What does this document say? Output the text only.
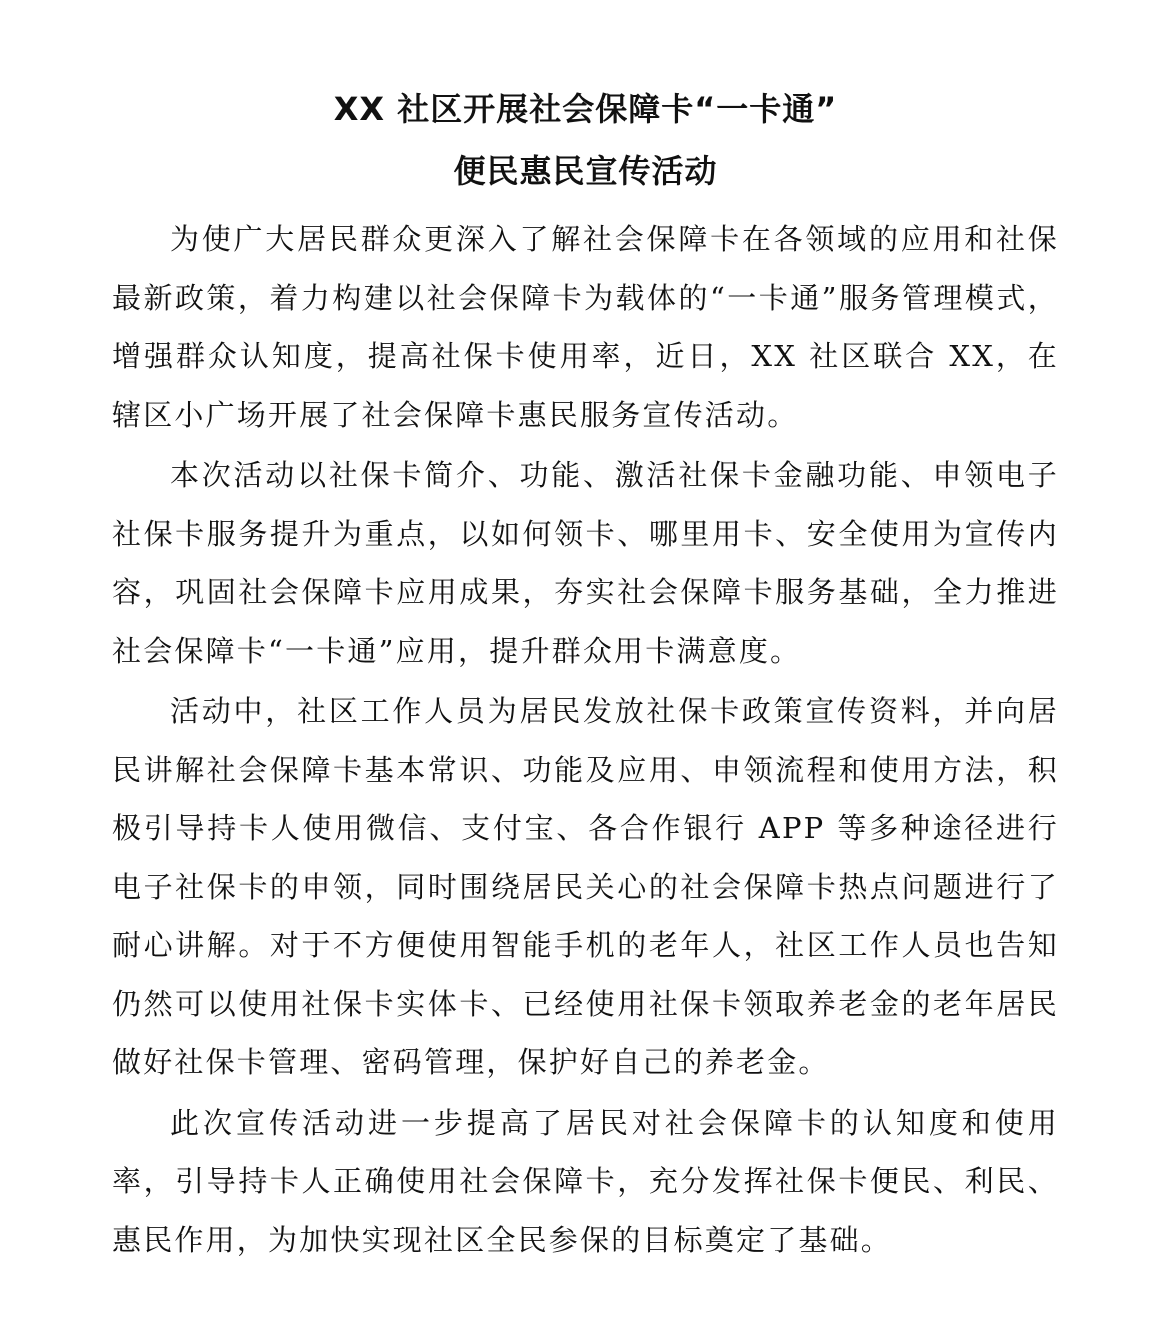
XX 社区开展社会保障卡“一卡通”
便民惠民宣传活动

为使广大居民群众更深入了解社会保障卡在各领域的应用和社保最新政策，着力构建以社会保障卡为载体的“一卡通”服务管理模式，增强群众认知度，提高社保卡使用率，近日，XX 社区联合 XX，在辖区小广场开展了社会保障卡惠民服务宣传活动。

本次活动以社保卡简介、功能、激活社保卡金融功能、申领电子社保卡服务提升为重点，以如何领卡、哪里用卡、安全使用为宣传内容，巩固社会保障卡应用成果，夯实社会保障卡服务基础，全力推进社会保障卡“一卡通”应用，提升群众用卡满意度。

活动中，社区工作人员为居民发放社保卡政策宣传资料，并向居民讲解社会保障卡基本常识、功能及应用、申领流程和使用方法，积极引导持卡人使用微信、支付宝、各合作银行 APP 等多种途径进行电子社保卡的申领，同时围绕居民关心的社会保障卡热点问题进行了耐心讲解。对于不方便使用智能手机的老年人，社区工作人员也告知仍然可以使用社保卡实体卡、已经使用社保卡领取养老金的老年居民做好社保卡管理、密码管理，保护好自己的养老金。

此次宣传活动进一步提高了居民对社会保障卡的认知度和使用率，引导持卡人正确使用社会保障卡，充分发挥社保卡便民、利民、惠民作用，为加快实现社区全民参保的目标奠定了基础。
